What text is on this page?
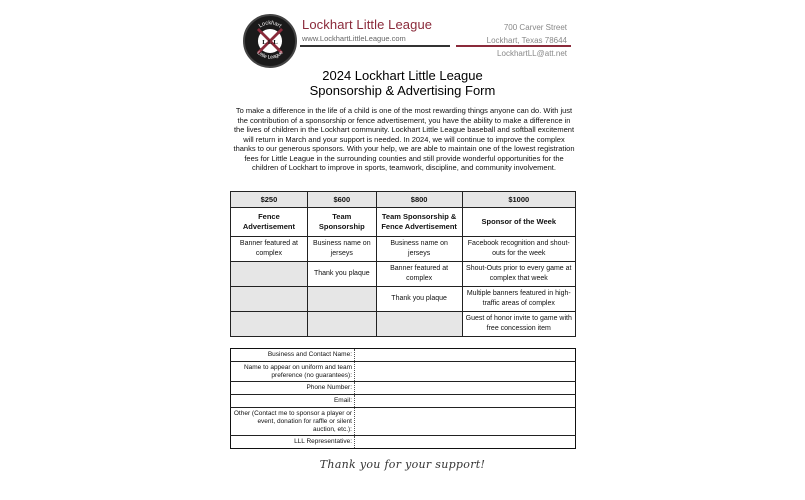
Lockhart
Little League
L L L
Lockhart Little League
www.LockhartLittleLeague.com
700 Carver Street
Lockhart, Texas 78644
LockhartLL@att.net
2024 Lockhart Little League
Sponsorship & Advertising Form
To make a difference in the life of a child is one of the most rewarding things anyone can do. With just the contribution of a sponsorship or fence advertisement, you have the ability to make a difference in the lives of children in the Lockhart community. Lockhart Little League baseball and softball excitement will return in March and your support is needed. In 2024, we will continue to improve the complex thanks to our generous sponsors. With your help, we are able to maintain one of the lowest registration fees for Little League in the surrounding counties and still provide wonderful opportunities for the children of Lockhart to improve in sports, teamwork, discipline, and community involvement.
$250	$600	$800	$1000
Fence Advertisement	Team Sponsorship	Team Sponsorship & Fence Advertisement	Sponsor of the Week
Banner featured at complex	Business name on jerseys	Business name on jerseys	Facebook recognition and shout-outs for the week
	Thank you plaque	Banner featured at complex	Shout-Outs prior to every game at complex that week
		Thank you plaque	Multiple banners featured in high-traffic areas of complex
			Guest of honor invite to game with free concession item
Business and Contact Name:	
Name to appear on uniform and team preference (no guarantees):	
Phone Number:	
Email:	
Other (Contact me to sponsor a player or event, donation for raffle or silent auction, etc.):	
LLL Representative:	
Thank you for your support!
